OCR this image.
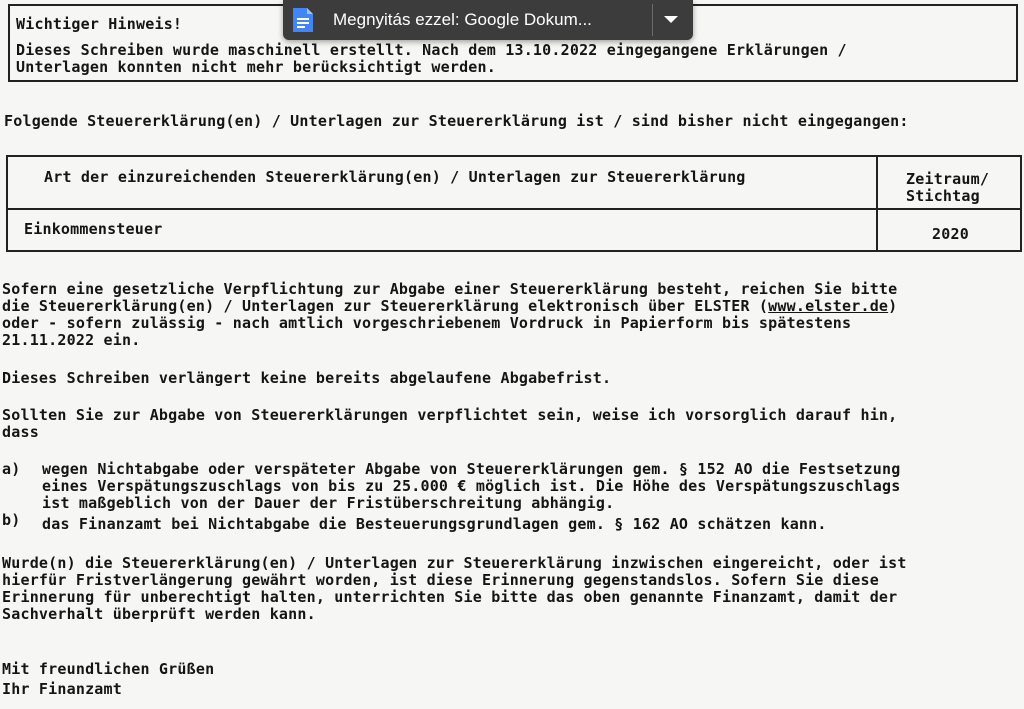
Wichtiger Hinweis!
Dieses Schreiben wurde maschinell erstellt. Nach dem 13.10.2022 eingegangene Erklärungen /
Unterlagen konnten nicht mehr berücksichtigt werden.
Megnyitás ezzel: Google Dokum...
Folgende Steuererklärung(en) / Unterlagen zur Steuererklärung ist / sind bisher nicht eingegangen:
Art der einzureichenden Steuererklärung(en) / Unterlagen zur Steuererklärung	Zeitraum/
Stichtag
Einkommensteuer	2020
Sofern eine gesetzliche Verpflichtung zur Abgabe einer Steuererklärung besteht, reichen Sie bitte
die Steuererklärung(en) / Unterlagen zur Steuererklärung elektronisch über ELSTER (www.elster.de)
oder - sofern zulässig - nach amtlich vorgeschriebenem Vordruck in Papierform bis spätestens
21.11.2022 ein.
Dieses Schreiben verlängert keine bereits abgelaufene Abgabefrist.
Sollten Sie zur Abgabe von Steuererklärungen verpflichtet sein, weise ich vorsorglich darauf hin,
dass
a) wegen Nichtabgabe oder verspäteter Abgabe von Steuererklärungen gem. § 152 AO die Festsetzung
eines Verspätungszuschlags von bis zu 25.000 € möglich ist. Die Höhe des Verspätungszuschlags
ist maßgeblich von der Dauer der Fristüberschreitung abhängig.
b) das Finanzamt bei Nichtabgabe die Besteuerungsgrundlagen gem. § 162 AO schätzen kann.
Wurde(n) die Steuererklärung(en) / Unterlagen zur Steuererklärung inzwischen eingereicht, oder ist
hierfür Fristverlängerung gewährt worden, ist diese Erinnerung gegenstandslos. Sofern Sie diese
Erinnerung für unberechtigt halten, unterrichten Sie bitte das oben genannte Finanzamt, damit der
Sachverhalt überprüft werden kann.
Mit freundlichen Grüßen
Ihr Finanzamt
